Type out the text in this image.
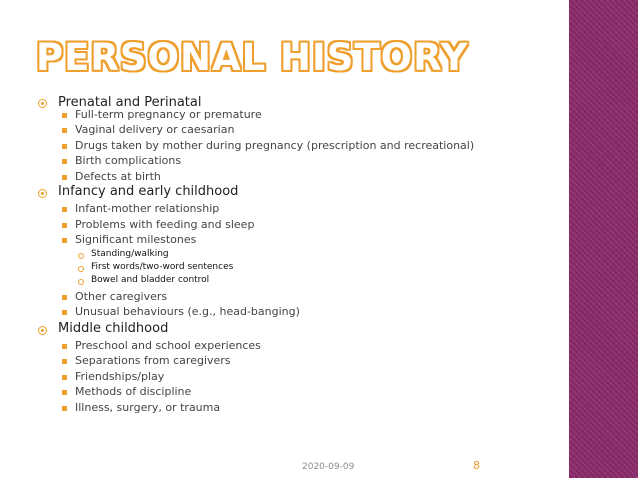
PERSONAL HISTORY
Prenatal and Perinatal
Full-term pregnancy or premature
Vaginal delivery or caesarian
Drugs taken by mother during pregnancy (prescription and recreational)
Birth complications
Defects at birth
Infancy and early childhood
Infant-mother relationship
Problems with feeding and sleep
Significant milestones
Standing/walking
First words/two-word sentences
Bowel and bladder control
Other caregivers
Unusual behaviours (e.g., head-banging)
Middle childhood
Preschool and school experiences
Separations from caregivers
Friendships/play
Methods of discipline
Illness, surgery, or trauma
2020-09-09	8
